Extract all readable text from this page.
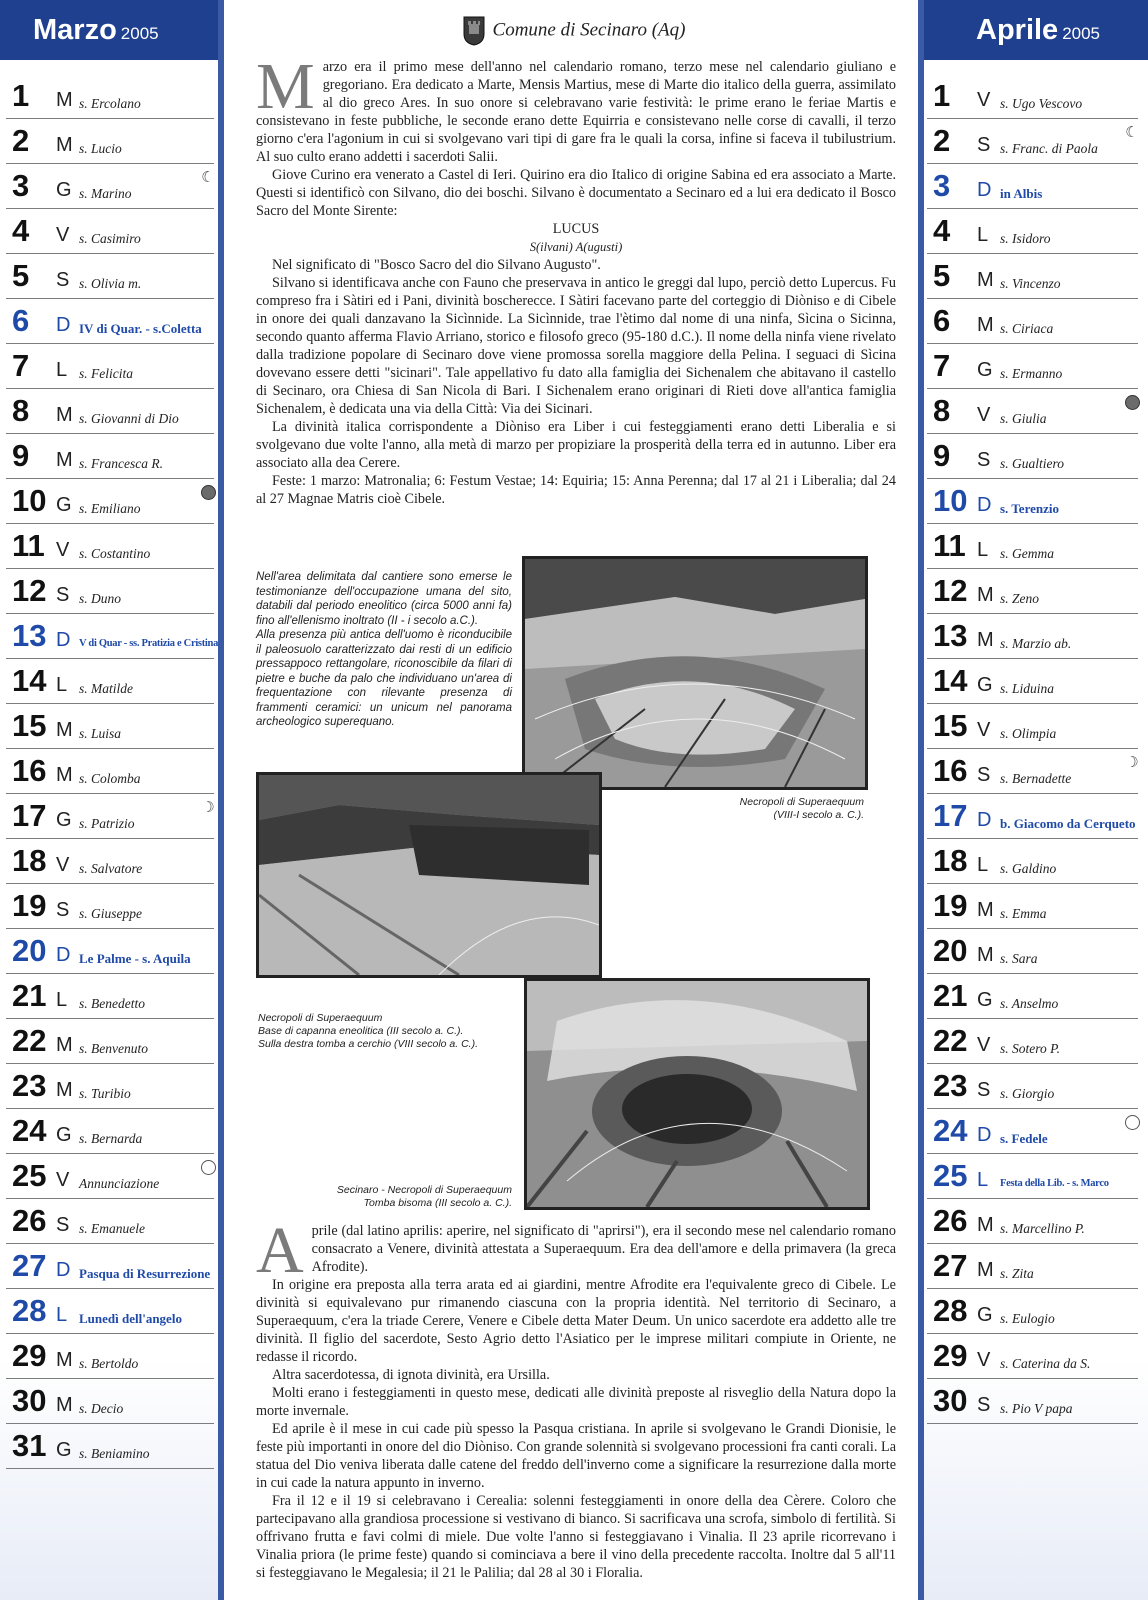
Marzo 2005
1 M s. Ercolano
2 M s. Lucio
3 G s. Marino
☾
4 V s. Casimiro
5 S s. Olivia m.
6 D IV di Quar. - s.Coletta
7 L s. Felicita
8 M s. Giovanni di Dio
9 M s. Francesca R.
10 G s. Emiliano
11 V s. Costantino
12 S s. Duno
13 D V di Quar - ss. Pratizia e Cristina
14 L s. Matilde
15 M s. Luisa
16 M s. Colomba
17 G s. Patrizio
☽
18 V s. Salvatore
19 S s. Giuseppe
20 D Le Palme - s. Aquila
21 L s. Benedetto
22 M s. Benvenuto
23 M s. Turibio
24 G s. Bernarda
25 V Annunciazione
26 S s. Emanuele
27 D Pasqua di Resurrezione
28 L Lunedì dell'angelo
29 M s. Bertoldo
30 M s. Decio
31 G s. Beniamino
Comune di Secinaro (Aq)

Marzo era il primo mese dell'anno nel calendario romano, terzo mese nel calendario giuliano e gregoriano. Era dedicato a Marte, Mensis Martius, mese di Marte dio italico della guerra, assimilato al dio greco Ares. In suo onore si celebravano varie festività: le prime erano le feriae Martis e consistevano in feste pubbliche, le seconde erano dette Equirria e consistevano nelle corse di cavalli, il terzo giorno c'era l'agonium in cui si svolgevano vari tipi di gare fra le quali la corsa, infine si faceva il tubilustrium. Al suo culto erano addetti i sacerdoti Salii.

Giove Curino era venerato a Castel di Ieri. Quirino era dio Italico di origine Sabina ed era associato a Marte. Questi si identificò con Silvano, dio dei boschi. Silvano è documentato a Secinaro ed a lui era dedicato il Bosco Sacro del Monte Sirente:

LUCUS

S(ilvani) A(ugusti)

Nel significato di "Bosco Sacro del dio Silvano Augusto".

Silvano si identificava anche con Fauno che preservava in antico le greggi dal lupo, perciò detto Lupercus. Fu compreso fra i Sàtiri ed i Pani, divinità boschereccе. I Sàtiri facevano parte del corteggio di Diòniso e di Cibele in onore dei quali danzavano la Sicìnnide. La Sicìnnide, trae l'ètimo dal nome di una ninfa, Sìcina o Sicinna, secondo quanto afferma Flavio Arriano, storico e filosofo greco (95-180 d.C.). Il nome della ninfa viene rivelato dalla tradizione popolare di Secinaro dove viene promossa sorella maggiore della Pelina. I seguaci di Sìcina dovevano essere detti "sicinari". Tale appellativo fu dato alla famiglia dei Sichenalem che abitavano il castello di Secinaro, ora Chiesa di San Nicola di Bari. I Sichenalem erano originari di Rieti dove all'antica famiglia Sichenalem, è dedicata una via della Città: Via dei Sicinari.

La divinità italica corrispondente a Diòniso era Liber i cui festeggiamenti erano detti Liberalia e si svolgevano due volte l'anno, alla metà di marzo per propiziare la prosperità della terra ed in autunno. Liber era associato alla dea Cerere.

Feste: 1 marzo: Matronalia; 6: Festum Vestae; 14: Equiria; 15: Anna Perenna; dal 17 al 21 i Liberalia; dal 24 al 27 Magnae Matris cioè Cibele.

Nell'area delimitata dal cantiere sono emerse le testimonianze dell'occupazione umana del sito, databili dal periodo eneolitico (circa 5000 anni fa) fino all'ellenismo inoltrato (II - i secolo a.C.).

Alla presenza più antica dell'uomo è riconducibile il paleosuolo caratterizzato dai resti di un edificio pressappoco rettangolare, riconoscibile da filari di pietre e buche da palo che individuano un'area di frequentazione con rilevante presenza di frammenti ceramici: un unicum nel panorama archeologico superequano.

Necropoli di Superaequum
(VIII-I secolo a. C.).
Necropoli di Superaequum
Base di capanna eneolitica (III secolo a. C.).
Sulla destra tomba a cerchio (VIII secolo a. C.).
Secinaro - Necropoli di Superaequum
Tomba bisoma (III secolo a. C.).

Aprile (dal latino aprilis: aperire, nel significato di "aprirsi"), era il secondo mese nel calendario romano consacrato a Venere, divinità attestata a Superaequum. Era dea dell'amore e della primavera (la greca Afrodite).

In origine era preposta alla terra arata ed ai giardini, mentre Afrodite era l'equivalente greco di Cibele. Le divinità si equivalevano pur rimanendo ciascuna con la propria identità. Nel territorio di Secinaro, a Superaequum, c'era la triade Cerere, Venere e Cibele detta Mater Deum. Un unico sacerdote era addetto alle tre divinità. Il figlio del sacerdote, Sesto Agrio detto l'Asiatico per le imprese militari compiute in Oriente, ne redasse il ricordo.

Altra sacerdotessa, di ignota divinità, era Ursilla.

Molti erano i festeggiamenti in questo mese, dedicati alle divinità preposte al risveglio della Natura dopo la morte invernale.

Ed aprile è il mese in cui cade più spesso la Pasqua cristiana. In aprile si svolgevano le Grandi Dionisie, le feste più importanti in onore del dio Diòniso. Con grande solennità si svolgevano processioni fra canti corali. La statua del Dio veniva liberata dalle catene del freddo dell'inverno come a significare la resurrezione dalla morte in cui cade la natura appunto in inverno.

Fra il 12 e il 19 si celebravano i Cerealia: solenni festeggiamenti in onore della dea Cèrere. Coloro che partecipavano alla grandiosa processione si vestivano di bianco. Si sacrificava una scrofa, simbolo di fertilità. Si offrivano frutta e favi colmi di miele. Due volte l'anno si festeggiavano i Vinalia. Il 23 aprile ricorrevano i Vinalia priora (le prime feste) quando si cominciava a bere il vino della precedente raccolta. Inoltre dal 5 all'11 si festeggiavano le Megalesia; il 21 le Palilia; dal 28 al 30 i Floralia.

Aprile 2005
1 V s. Ugo Vescovo
2 S s. Franc. di Paola
☾
3 D in Albis
4 L s. Isidoro
5 M s. Vincenzo
6 M s. Ciriaca
7 G s. Ermanno
8 V s. Giulia
9 S s. Gualtiero
10 D s. Terenzio
11 L s. Gemma
12 M s. Zeno
13 M s. Marzio ab.
14 G s. Liduina
15 V s. Olimpia
16 S s. Bernadette
☽
17 D b. Giacomo da Cerqueto
18 L s. Galdino
19 M s. Emma
20 M s. Sara
21 G s. Anselmo
22 V s. Sotero P.
23 S s. Giorgio
24 D s. Fedele
25 L Festa della Lib. - s. Marco
26 M s. Marcellino P.
27 M s. Zita
28 G s. Eulogio
29 V s. Caterina da S.
30 S s. Pio V papa
